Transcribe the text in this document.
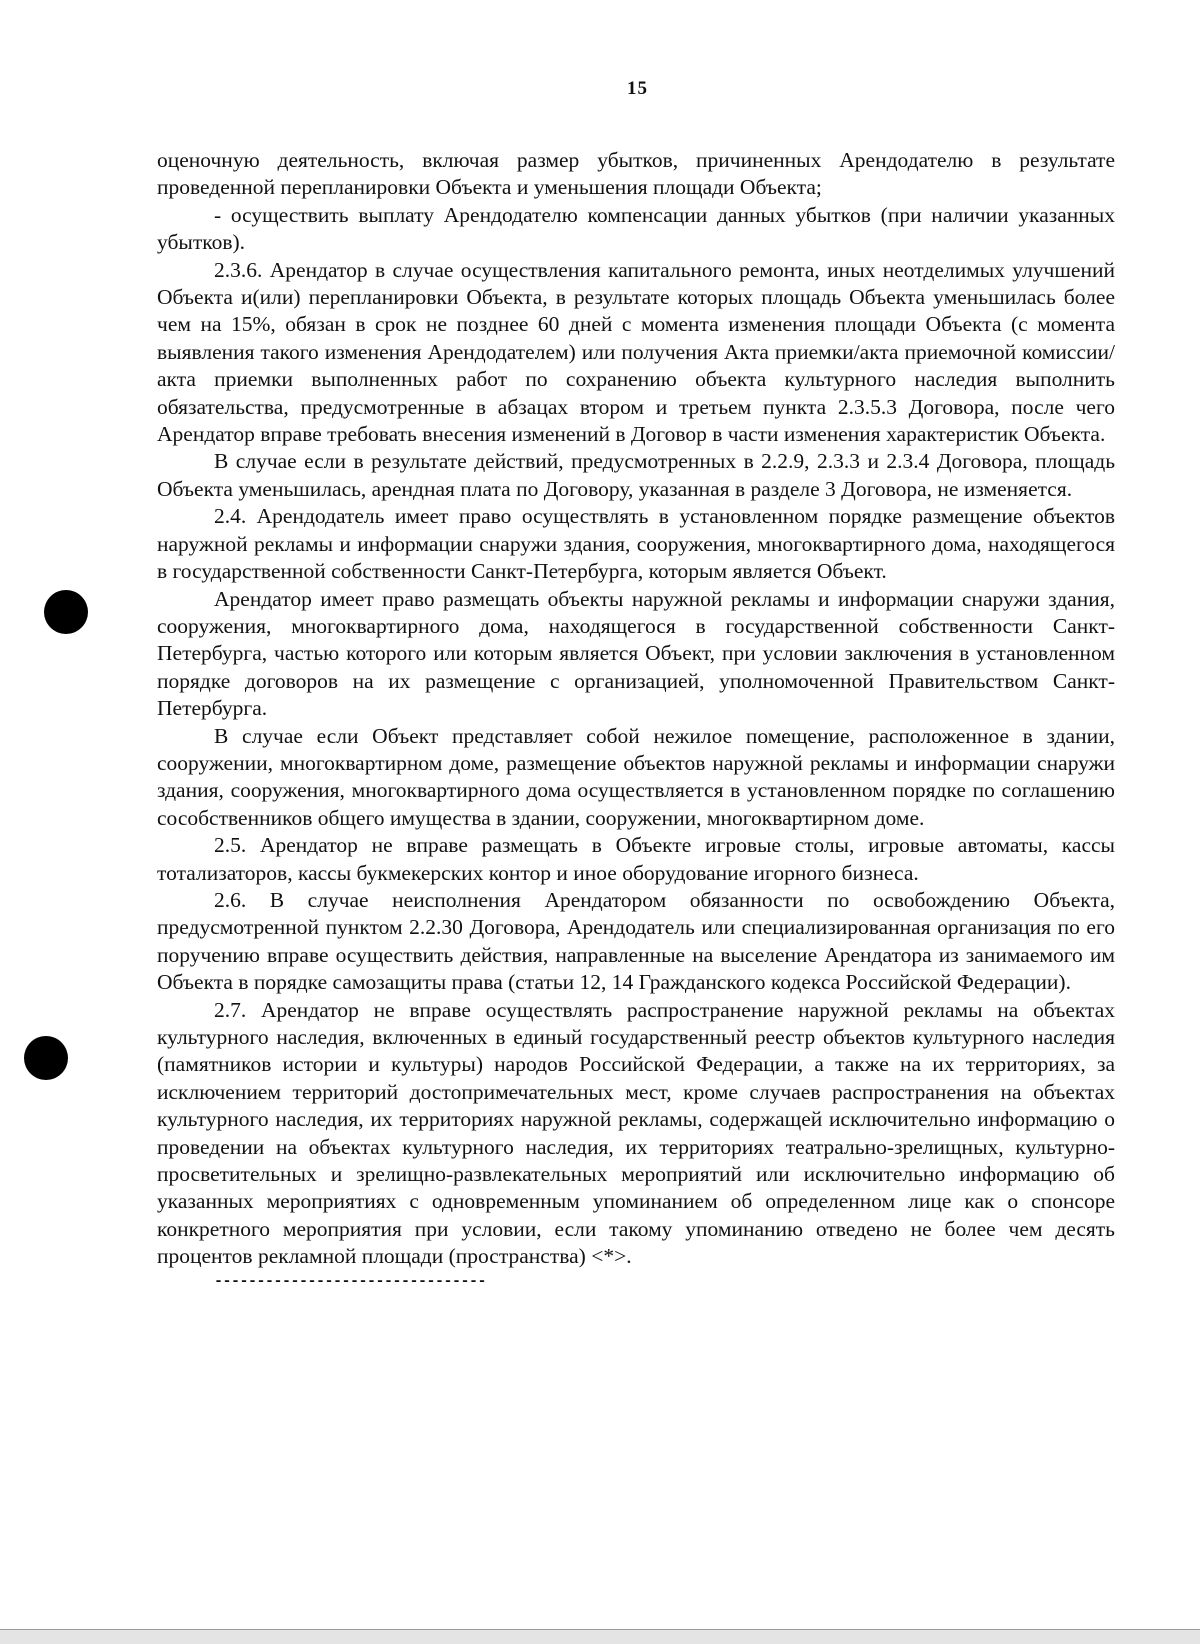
15

оценочную деятельность, включая размер убытков, причиненных Арендодателю в результате проведенной перепланировки Объекта и уменьшения площади Объекта;

- осуществить выплату Арендодателю компенсации данных убытков (при наличии указанных убытков).

2.3.6. Арендатор в случае осуществления капитального ремонта, иных неотделимых улучшений Объекта и(или) перепланировки Объекта, в результате которых площадь Объекта уменьшилась более чем на 15%, обязан в срок не позднее 60 дней с момента изменения площади Объекта (с момента выявления такого изменения Арендодателем) или получения Акта приемки/акта приемочной комиссии/акта приемки выполненных работ по сохранению объекта культурного наследия выполнить обязательства, предусмотренные в абзацах втором и третьем пункта 2.3.5.3 Договора, после чего Арендатор вправе требовать внесения изменений в Договор в части изменения характеристик Объекта.

В случае если в результате действий, предусмотренных в 2.2.9, 2.3.3 и 2.3.4 Договора, площадь Объекта уменьшилась, арендная плата по Договору, указанная в разделе 3 Договора, не изменяется.

2.4. Арендодатель имеет право осуществлять в установленном порядке размещение объектов наружной рекламы и информации снаружи здания, сооружения, многоквартирного дома, находящегося в государственной собственности Санкт-Петербурга, которым является Объект.

Арендатор имеет право размещать объекты наружной рекламы и информации снаружи здания, сооружения, многоквартирного дома, находящегося в государственной собственности Санкт-Петербурга, частью которого или которым является Объект, при условии заключения в установленном порядке договоров на их размещение с организацией, уполномоченной Правительством Санкт-Петербурга.

В случае если Объект представляет собой нежилое помещение, расположенное в здании, сооружении, многоквартирном доме, размещение объектов наружной рекламы и информации снаружи здания, сооружения, многоквартирного дома осуществляется в установленном порядке по соглашению сособственников общего имущества в здании, сооружении, многоквартирном доме.

2.5. Арендатор не вправе размещать в Объекте игровые столы, игровые автоматы, кассы тотализаторов, кассы букмекерских контор и иное оборудование игорного бизнеса.

2.6. В случае неисполнения Арендатором обязанности по освобождению Объекта, предусмотренной пунктом 2.2.30 Договора, Арендодатель или специализированная организация по его поручению вправе осуществить действия, направленные на выселение Арендатора из занимаемого им Объекта в порядке самозащиты права (статьи 12, 14 Гражданского кодекса Российской Федерации).

2.7. Арендатор не вправе осуществлять распространение наружной рекламы на объектах культурного наследия, включенных в единый государственный реестр объектов культурного наследия (памятников истории и культуры) народов Российской Федерации, а также на их территориях, за исключением территорий достопримечательных мест, кроме случаев распространения на объектах культурного наследия, их территориях наружной рекламы, содержащей исключительно информацию о проведении на объектах культурного наследия, их территориях театрально-зрелищных, культурно-просветительных и зрелищно-развлекательных мероприятий или исключительно информацию об указанных мероприятиях с одновременным упоминанием об определенном лице как о спонсоре конкретного мероприятия при условии, если такому упоминанию отведено не более чем десять процентов рекламной площади (пространства) <*>.

--------------------------------
